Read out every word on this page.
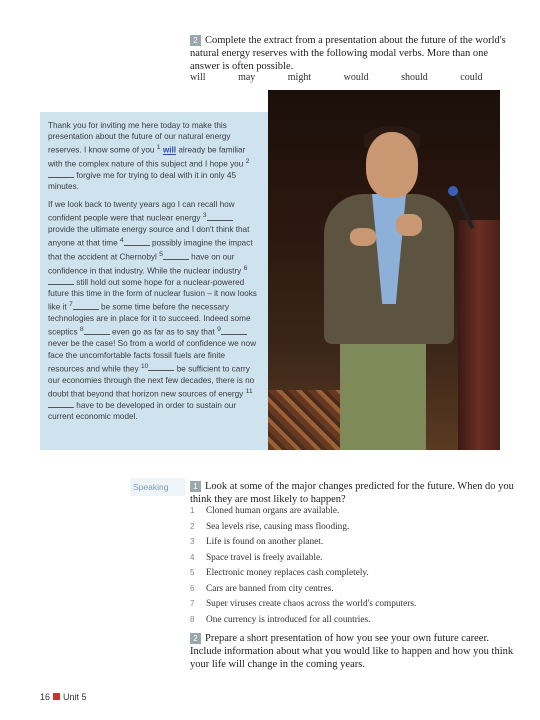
2 Complete the extract from a presentation about the future of the world's natural energy reserves with the following modal verbs. More than one answer is often possible.
will	may	might	would	should	could

Thank you for inviting me here today to make this presentation about the future of our natural energy reserves. I know some of you $^1$ will already be familiar with the complex nature of this subject and I hope you $^2$  forgive me for trying to deal with it in only 45 minutes.

If we look back to twenty years ago I can recall how confident people were that nuclear energy $^3$ provide the ultimate energy source and I don't think that anyone at that time $^4$	possibly imagine the impact that the accident at Chernobyl $^5$	have on our confidence in that industry. While the nuclear industry $^6$ still hold out some hope for a nuclear-powered future this time in the form of nuclear fusion – it now looks like it $^7$	be some time before the necessary technologies are in place for it to succeed. Indeed some sceptics $^8$	even go as far as to say that $^9$ never be the case! So from a world of confidence we now face the uncomfortable facts fossil fuels are finite resources and while they $^{10}$	be sufficient to carry our economies through the next few decades, there is no doubt that beyond that horizon new sources of energy $^{11}$ have to be developed in order to sustain our current economic model.

Speaking	1 Look at some of the major changes predicted for the future. When do you think they are most likely to happen?
1 Cloned human organs are available.
2 Sea levels rise, causing mass flooding.
3 Life is found on another planet.
4 Space travel is freely available.
5 Electronic money replaces cash completely.
6 Cars are banned from city centres.
7 Super viruses create chaos across the world's computers.
8 One currency is introduced for all countries.
2 Prepare a short presentation of how you see your own future career. Include information about what you would like to happen and how you think your life will change in the coming years.
16 Unit 5
